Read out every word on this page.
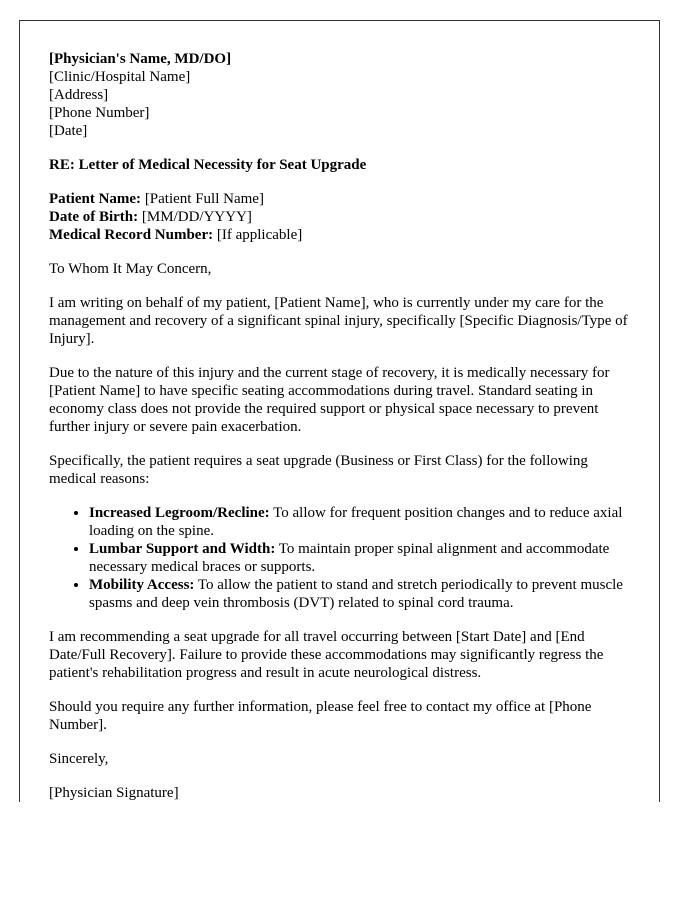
[Physician's Name, MD/DO]
[Clinic/Hospital Name]
[Address]
[Phone Number]
[Date]

RE: Letter of Medical Necessity for Seat Upgrade

Patient Name: [Patient Full Name]
Date of Birth: [MM/DD/YYYY]
Medical Record Number: [If applicable]

To Whom It May Concern,

I am writing on behalf of my patient, [Patient Name], who is currently under my care for the management and recovery of a significant spinal injury, specifically [Specific Diagnosis/Type of Injury].

Due to the nature of this injury and the current stage of recovery, it is medically necessary for [Patient Name] to have specific seating accommodations during travel. Standard seating in economy class does not provide the required support or physical space necessary to prevent further injury or severe pain exacerbation.

Specifically, the patient requires a seat upgrade (Business or First Class) for the following medical reasons:

• Increased Legroom/Recline: To allow for frequent position changes and to reduce axial loading on the spine.
• Lumbar Support and Width: To maintain proper spinal alignment and accommodate necessary medical braces or supports.
• Mobility Access: To allow the patient to stand and stretch periodically to prevent muscle spasms and deep vein thrombosis (DVT) related to spinal cord trauma.

I am recommending a seat upgrade for all travel occurring between [Start Date] and [End Date/Full Recovery]. Failure to provide these accommodations may significantly regress the patient's rehabilitation progress and result in acute neurological distress.

Should you require any further information, please feel free to contact my office at [Phone Number].

Sincerely,

[Physician Signature]
